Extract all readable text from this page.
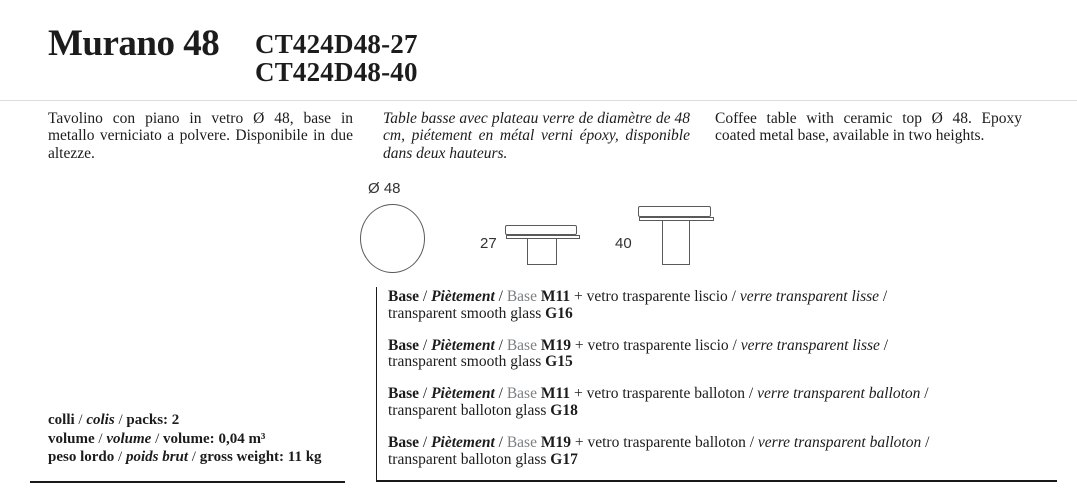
Murano 48 CT424D48-27
CT424D48-40
Tavolino con piano in vetro Ø 48, base in metallo verniciato a polvere. Disponibile in due altezze.
Table basse avec plateau verre de diamètre de 48 cm, piétement en métal verni époxy, disponible dans deux hauteurs.
Coffee table with ceramic top Ø 48. Epoxy coated metal base, available in two heights.
Ø 48
27	40
Base / Piètement / Base M11 + vetro trasparente liscio / verre transparent lisse / transparent smooth glass G16
Base / Piètement / Base M19 + vetro trasparente liscio / verre transparent lisse / transparent smooth glass G15
Base / Piètement / Base M11 + vetro trasparente balloton / verre transparent balloton / transparent balloton glass G18
Base / Piètement / Base M19 + vetro trasparente balloton / verre transparent balloton / transparent balloton glass G17
colli / colis / packs: 2
volume / volume / volume: 0,04 m³
peso lordo / poids brut / gross weight: 11 kg
